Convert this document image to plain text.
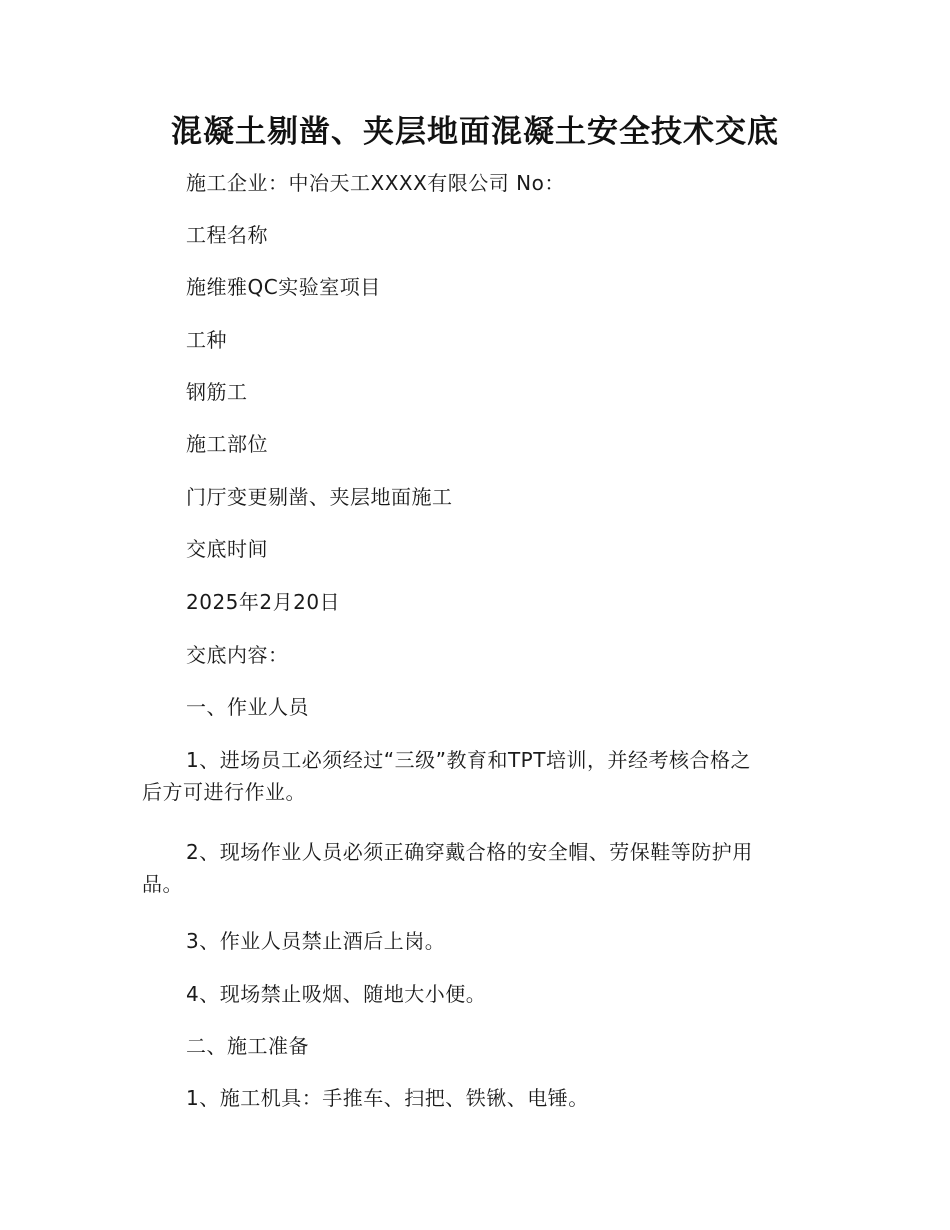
混凝土剔凿、夹层地面混凝土安全技术交底
施工企业：中冶天工XXXX有限公司 No：
工程名称
施维雅QC实验室项目
工种
钢筋工
施工部位
门厅变更剔凿、夹层地面施工
交底时间
2025年2月20日
交底内容：
一、作业人员
1、进场员工必须经过“三级”教育和TPT培训，并经考核合格之
后方可进行作业。
2、现场作业人员必须正确穿戴合格的安全帽、劳保鞋等防护用
品。
3、作业人员禁止酒后上岗。
4、现场禁止吸烟、随地大小便。
二、施工准备
1、施工机具：手推车、扫把、铁锹、电锤。
